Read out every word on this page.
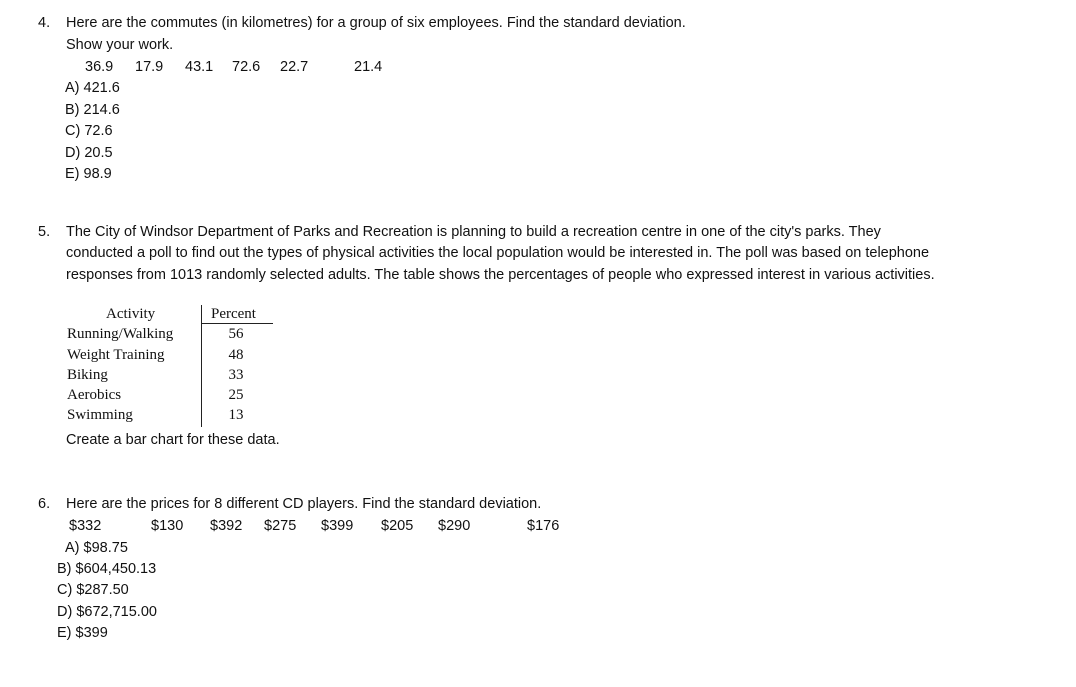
4. Here are the commutes (in kilometres) for a group of six employees. Find the standard deviation.
Show your work.
36.9 17.9 43.1 72.6 22.7	21.4
A) 421.6
B) 214.6
C) 72.6
D) 20.5
E) 98.9
5. The City of Windsor Department of Parks and Recreation is planning to build a recreation centre in one of the city's parks. They
conducted a poll to find out the types of physical activities the local population would be interested in. The poll was based on telephone
responses from 1013 randomly selected adults. The table shows the percentages of people who expressed interest in various activities.
Activity	Percent
Running/Walking	56
Weight Training	48
Biking	33
Aerobics	25
Swimming	13
Create a bar chart for these data.
6. Here are the prices for 8 different CD players. Find the standard deviation.
$332	$130 $392 $275 $399 $205 $290	$176
A) $98.75
B) $604,450.13
C) $287.50
D) $672,715.00
E) $399
